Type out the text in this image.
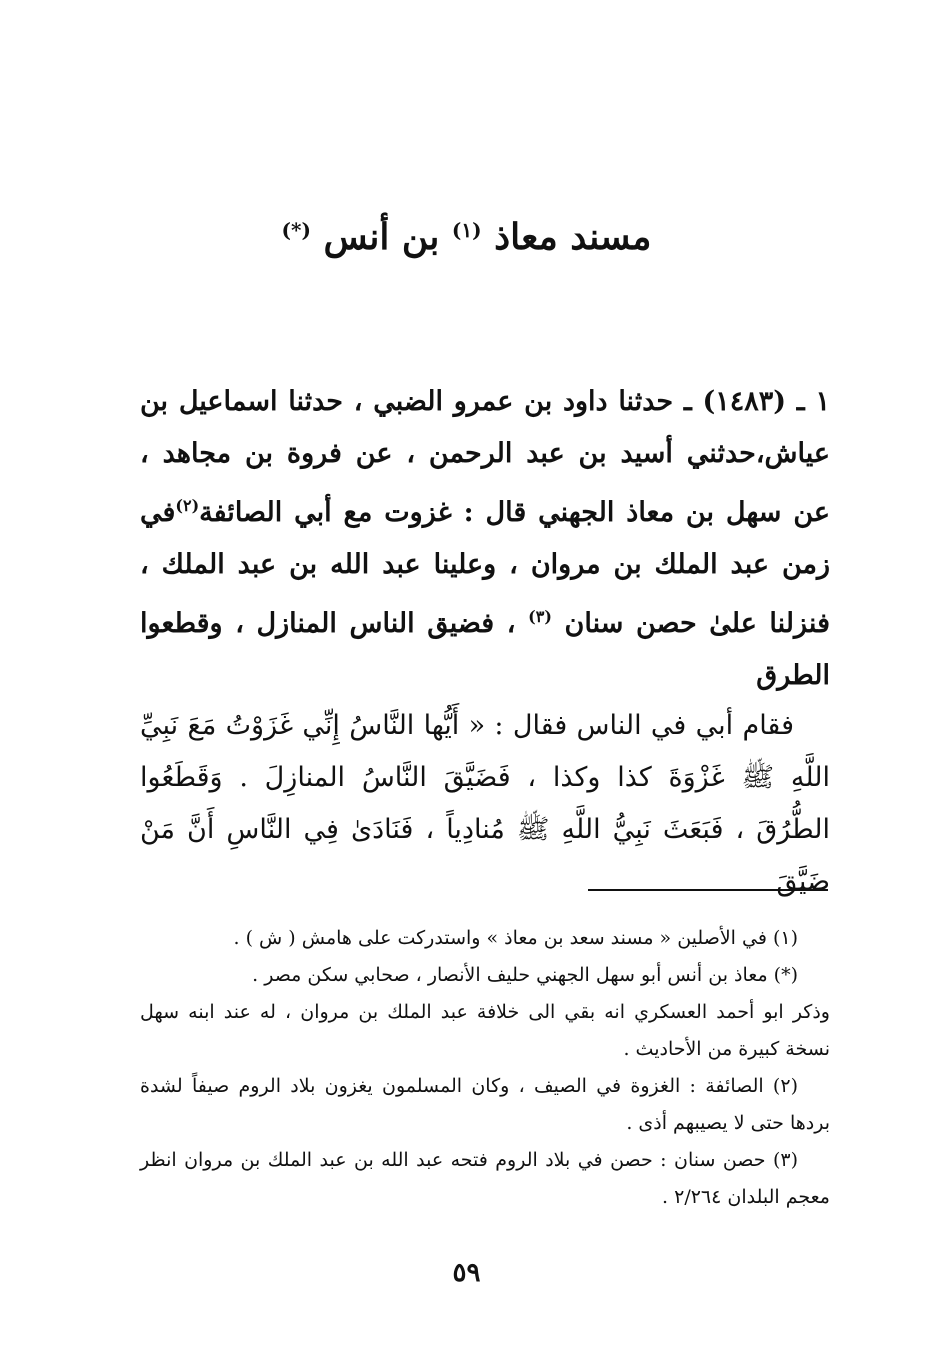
مسند معاذ $^{(١)}$ بن أنس (*)
١ ـ (١٤٨٣) ـ حدثنا داود بن عمرو الضبي ، حدثنا اسماعيل بن عياش،حدثني أسيد بن عبد الرحمن ، عن فروة بن مجاهد ، عن سهل بن معاذ الجهني قال : غزوت مع أبي الصائفة$^{(٢)}$في زمن عبد الملك بن مروان ، وعلينا عبد الله بن عبد الملك ، فنزلنا علىٰ حصن سنان $^{(٣)}$ ، فضيق الناس المنازل ، وقطعوا الطرق
فقام أبي في الناس فقال : « أَيُّها النَّاسُ إِنِّي غَزَوْتُ مَعَ نَبِيِّ اللَّهِ ﷺ غَزْوَةَ كذا وكذا ، فَضَيَّقَ النَّاسُ المنازِلَ . وَقَطَعُوا الطُّرُقَ ، فَبَعَثَ نَبِيُّ اللَّهِ ﷺ مُنادِياً ، فَنَادَىٰ فِي النَّاسِ أَنَّ مَنْ ضَيَّقَ
(١) في الأصلين « مسند سعد بن معاذ » واستدركت على هامش ( ش ) .
(*) معاذ بن أنس أبو سهل الجهني حليف الأنصار ، صحابي سكن مصر .
وذكر ابو أحمد العسكري انه بقي الى خلافة عبد الملك بن مروان ، له عند ابنه سهل نسخة كبيرة من الأحاديث .
(٢) الصائفة : الغزوة في الصيف ، وكان المسلمون يغزون بلاد الروم صيفاً لشدة بردها حتى لا يصيبهم أذى .
(٣) حصن سنان : حصن في بلاد الروم فتحه عبد الله بن عبد الملك بن مروان انظر معجم البلدان ٢/٢٦٤ .
٥٩
